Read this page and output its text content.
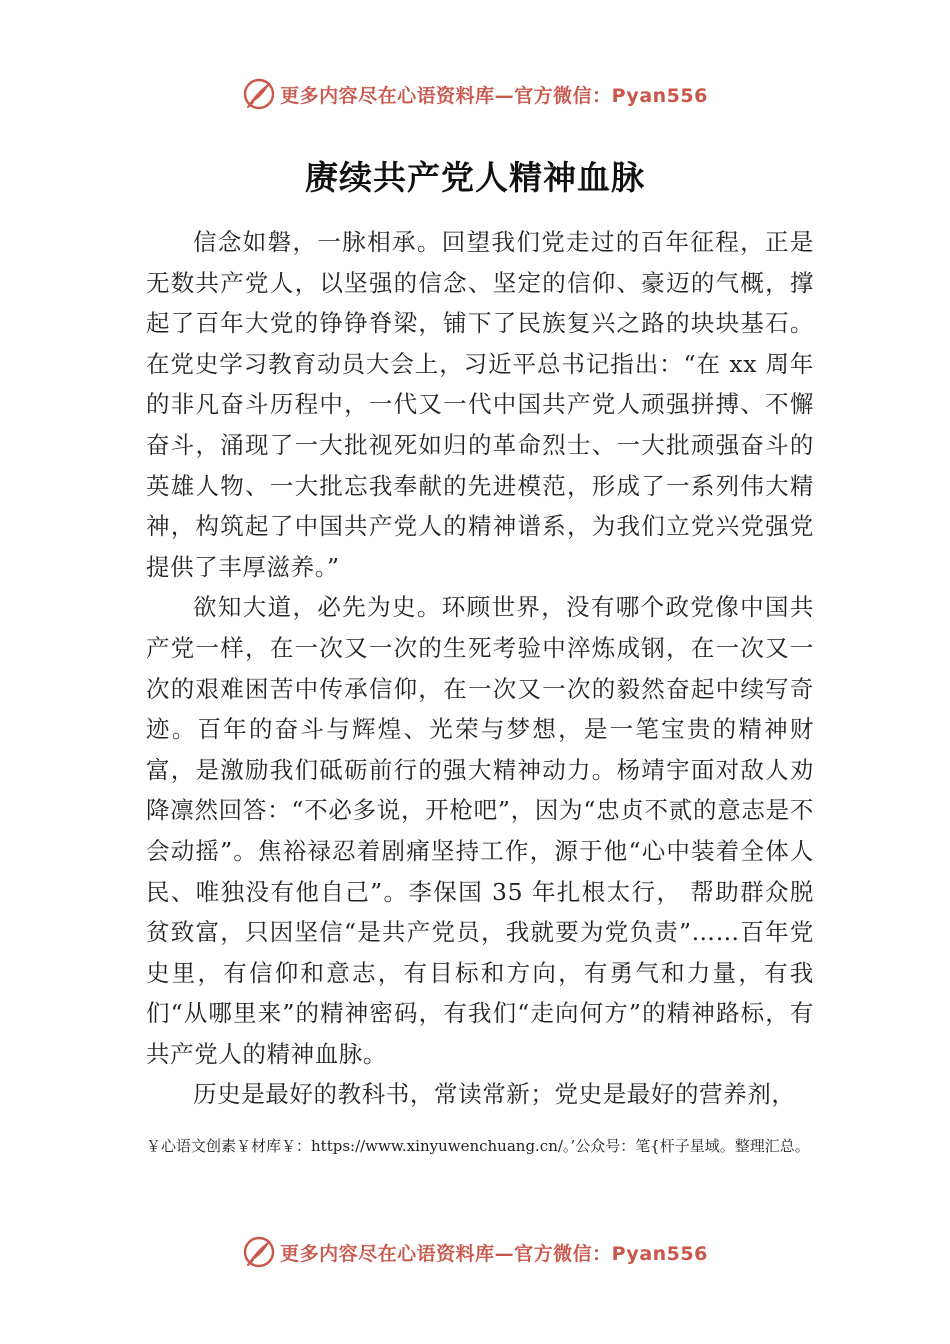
更多内容尽在心语资料库—官方微信：Pyan556
赓续共产党人精神血脉

信念如磐，一脉相承。回望我们党走过的百年征程，正是无数共产党人，以坚强的信念、坚定的信仰、豪迈的气概，撑起了百年大党的铮铮脊梁，铺下了民族复兴之路的块块基石。在党史学习教育动员大会上，习近平总书记指出：“在 xx 周年的非凡奋斗历程中，一代又一代中国共产党人顽强拼搏、不懈奋斗，涌现了一大批视死如归的革命烈士、一大批顽强奋斗的英雄人物、一大批忘我奉献的先进模范，形成了一系列伟大精神，构筑起了中国共产党人的精神谱系，为我们立党兴党强党提供了丰厚滋养。”

欲知大道，必先为史。环顾世界，没有哪个政党像中国共产党一样，在一次又一次的生死考验中淬炼成钢，在一次又一次的艰难困苦中传承信仰，在一次又一次的毅然奋起中续写奇迹。百年的奋斗与辉煌、光荣与梦想，是一笔宝贵的精神财富，是激励我们砥砺前行的强大精神动力。杨靖宇面对敌人劝降凛然回答：“不必多说，开枪吧”，因为“忠贞不贰的意志是不会动摇”。焦裕禄忍着剧痛坚持工作，源于他“心中装着全体人民、唯独没有他自己”。李保国 35 年扎根太行， 帮助群众脱贫致富，只因坚信“是共产党员，我就要为党负责”……百年党史里，有信仰和意志，有目标和方向，有勇气和力量，有我们“从哪里来”的精神密码，有我们“走向何方”的精神路标，有共产党人的精神血脉。

历史是最好的教科书，常读常新；党史是最好的营养剂，

￥心语文创素￥材库￥：https://www.xinyuwenchuang.cn/。’公众号：笔{杆子星域。整理汇总。
更多内容尽在心语资料库—官方微信：Pyan556
